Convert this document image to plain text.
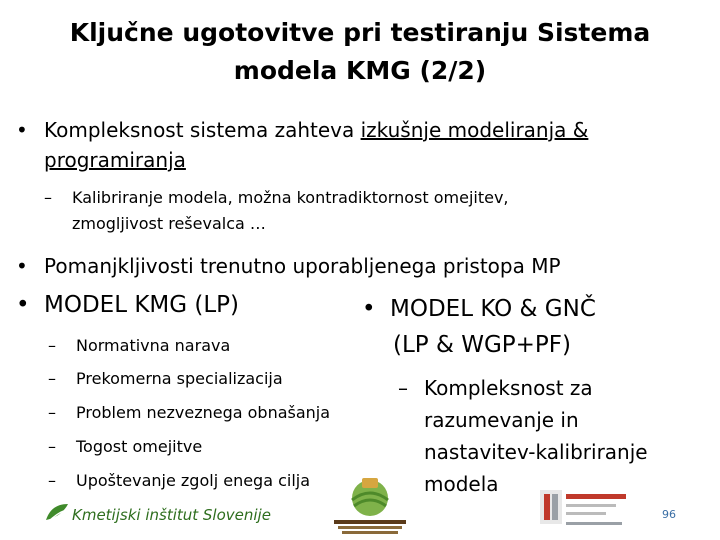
Ključne ugotovitve pri testiranju Sistema
modela KMG (2/2)
• Kompleksnost sistema zahteva izkušnje modeliranja &
programiranja
– Kalibriranje modela, možna kontradiktornost omejitev,
zmogljivost reševalca …
• Pomanjkljivosti trenutno uporabljenega pristopa MP
• MODEL KMG (LP)
– Normativna narava
– Prekomerna specializacija
– Problem nezveznega obnašanja
– Togost omejitve
– Upoštevanje zgolj enega cilja
• MODEL KO & GNČ
(LP & WGP+PF)
– Kompleksnost za
razumevanje in
nastavitev-kalibriranje
modela
Kmetijski inštitut Slovenije	96
